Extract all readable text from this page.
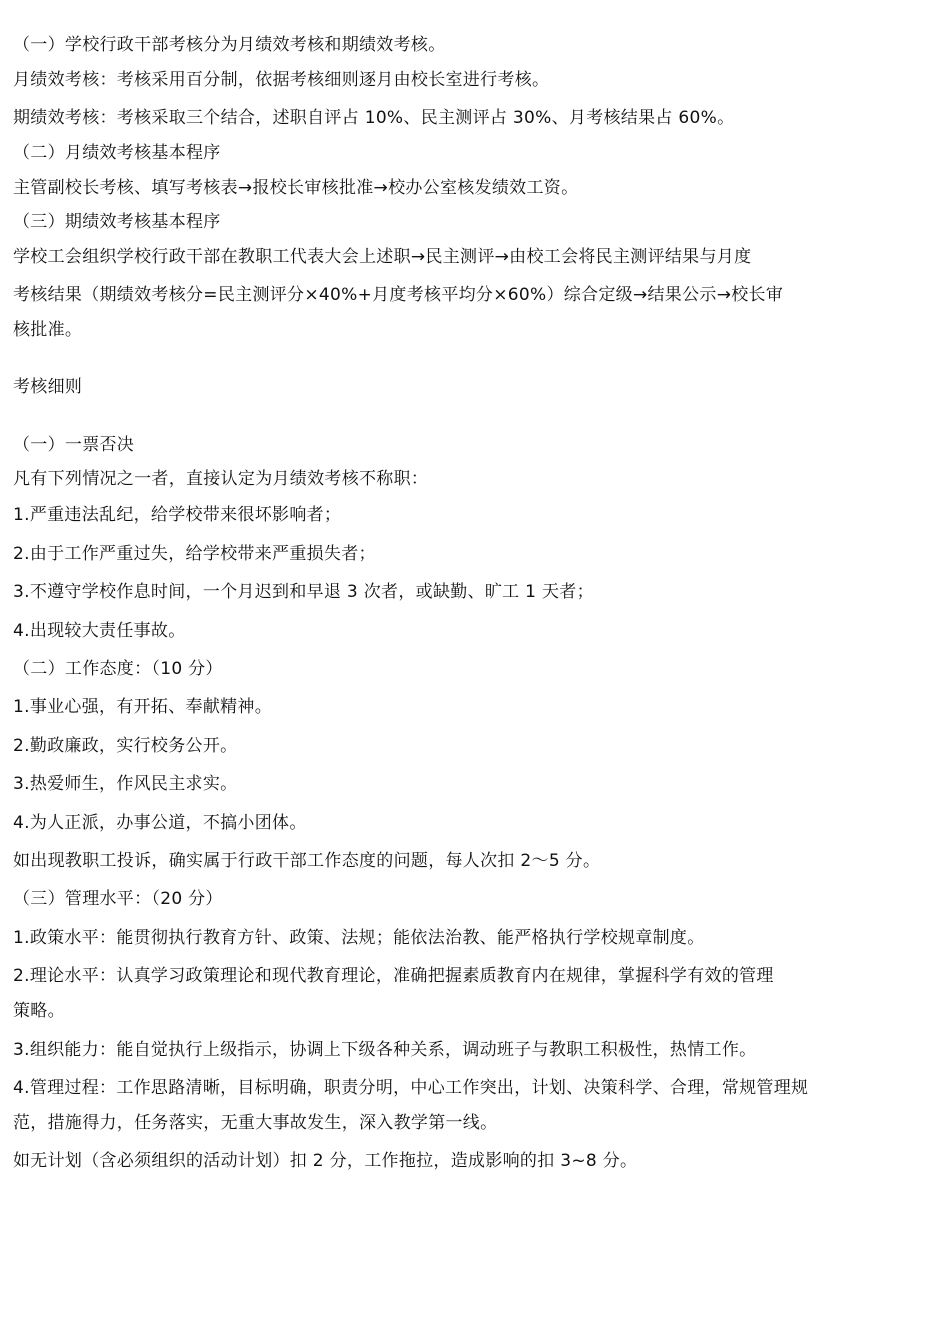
（一）学校行政干部考核分为月绩效考核和期绩效考核。
月绩效考核：考核采用百分制，依据考核细则逐月由校长室进行考核。
期绩效考核：考核采取三个结合，述职自评占 10%、民主测评占 30%、月考核结果占 60%。
（二）月绩效考核基本程序
主管副校长考核、填写考核表→报校长审核批准→校办公室核发绩效工资。
（三）期绩效考核基本程序
学校工会组织学校行政干部在教职工代表大会上述职→民主测评→由校工会将民主测评结果与月度
考核结果（期绩效考核分=民主测评分×40%+月度考核平均分×60%）综合定级→结果公示→校长审
核批准。
考核细则
（一）一票否决
凡有下列情况之一者，直接认定为月绩效考核不称职：
1.严重违法乱纪，给学校带来很坏影响者；
2.由于工作严重过失，给学校带来严重损失者；
3.不遵守学校作息时间，一个月迟到和早退 3 次者，或缺勤、旷工 1 天者；
4.出现较大责任事故。
（二）工作态度：（10 分）
1.事业心强，有开拓、奉献精神。
2.勤政廉政，实行校务公开。
3.热爱师生，作风民主求实。
4.为人正派，办事公道，不搞小团体。
如出现教职工投诉，确实属于行政干部工作态度的问题，每人次扣 2～5 分。
（三）管理水平：（20 分）
1.政策水平：能贯彻执行教育方针、政策、法规；能依法治教、能严格执行学校规章制度。
2.理论水平：认真学习政策理论和现代教育理论，准确把握素质教育内在规律，掌握科学有效的管理
策略。
3.组织能力：能自觉执行上级指示，协调上下级各种关系，调动班子与教职工积极性，热情工作。
4.管理过程：工作思路清晰，目标明确，职责分明，中心工作突出，计划、决策科学、合理，常规管理规
范，措施得力，任务落实，无重大事故发生，深入教学第一线。
如无计划（含必须组织的活动计划）扣 2 分，工作拖拉，造成影响的扣 3~8 分。
